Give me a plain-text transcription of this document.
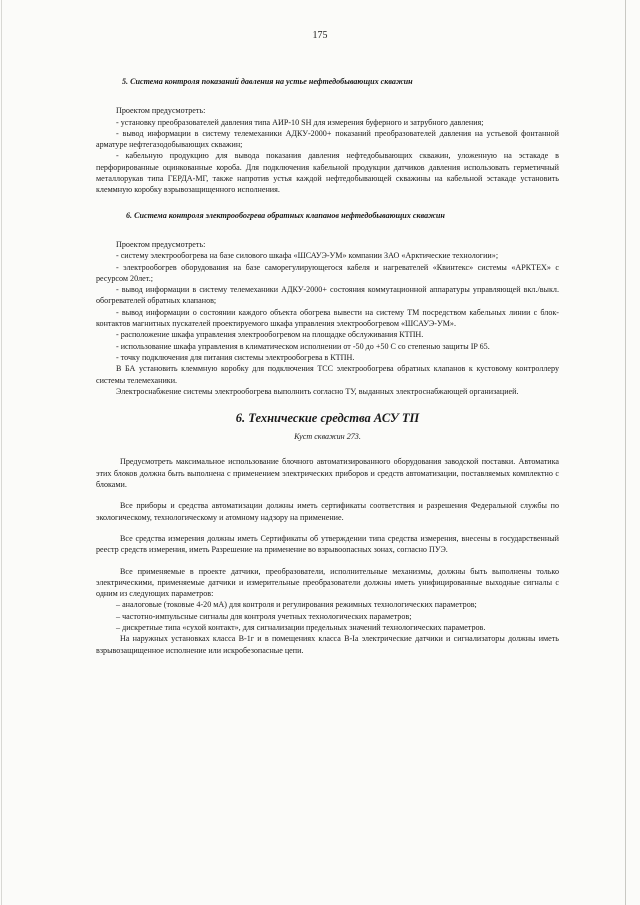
175

5. Система контроля показаний давления на устье нефтедобывающих скважин

Проектом предусмотреть:

- установку преобразователей давления типа АИР-10 SH для измерения буферного и затрубного давления;

- вывод информации в систему телемеханики АДКУ-2000+ показаний преобразователей давления на устьевой фонтанной арматуре нефтегазодобывающих скважин;

- кабельную продукцию для вывода показания давления нефтедобывающих скважин, уложенную на эстакаде в перфорированные оцинкованные короба. Для подключения кабельной продукции датчиков давления использовать герметичный металлорукав типа ГЕРДА-МГ, также напротив устья каждой нефтедобывающей скважины на кабельной эстакаде установить клеммную коробку взрывозащищенного исполнения.

6. Система контроля электрообогрева обратных клапанов нефтедобывающих скважин

Проектом предусмотреть:

- систему электрообогрева на базе силового шкафа «ШСАУЭ-УМ» компании ЗАО «Арктические технологии»;

- электрообогрев оборудования на базе саморегулирующегося кабеля и нагревателей «Квинтекс» системы «АРКТЕХ» с ресурсом 20лет.;

- вывод информации в систему телемеханики АДКУ-2000+ состояния коммутационной аппаратуры управляющей вкл./выкл. обогревателей обратных клапанов;

- вывод информации о состоянии каждого объекта обогрева вывести на систему ТМ посредством кабельных линии с блок-контактов магнитных пускателей проектируемого шкафа управления электрообогревом «ШСАУЭ-УМ».

- расположение шкафа управления электрообогревом на площадке обслуживания КТПН.

- использование шкафа управления в климатическом исполнении от -50 до +50 С со степенью защиты IP 65.

- точку подключения для питания системы электрообогрева в КТПН.

В БА установить клеммную коробку для подключения ТСС электрообогрева обратных клапанов к кустовому контроллеру системы телемеханики.

Электроснабжение системы электрообогрева выполнить согласно ТУ, выданных электроснабжающей организацией.

6. Технические средства АСУ ТП

Куст скважин 273.

Предусмотреть максимальное использование блочного автоматизированного оборудования заводской поставки. Автоматика этих блоков должна быть выполнена с применением электрических приборов и средств автоматизации, поставляемых комплектно с блоками.

Все приборы и средства автоматизации должны иметь сертификаты соответствия и разрешения Федеральной службы по экологическому, технологическому и атомному надзору на применение.

Все средства измерения должны иметь Сертификаты об утверждении типа средства измерения, внесены в государственный реестр средств измерения, иметь Разрешение на применение во взрывоопасных зонах, согласно ПУЭ.

Все применяемые в проекте датчики, преобразователи, исполнительные механизмы, должны быть выполнены только электрическими, применяемые датчики и измерительные преобразователи должны иметь унифицированные выходные сигналы с одним из следующих параметров:

– аналоговые (токовые 4-20 мА) для контроля и регулирования режимных технологических параметров;

– частотно-импульсные сигналы для контроля учетных технологических параметров;

– дискретные типа «сухой контакт», для сигнализации предельных значений технологических параметров.

На наружных установках класса В-1г и в помещениях класса В-Iа электрические датчики и сигнализаторы должны иметь взрывозащищенное исполнение или искробезопасные цепи.
